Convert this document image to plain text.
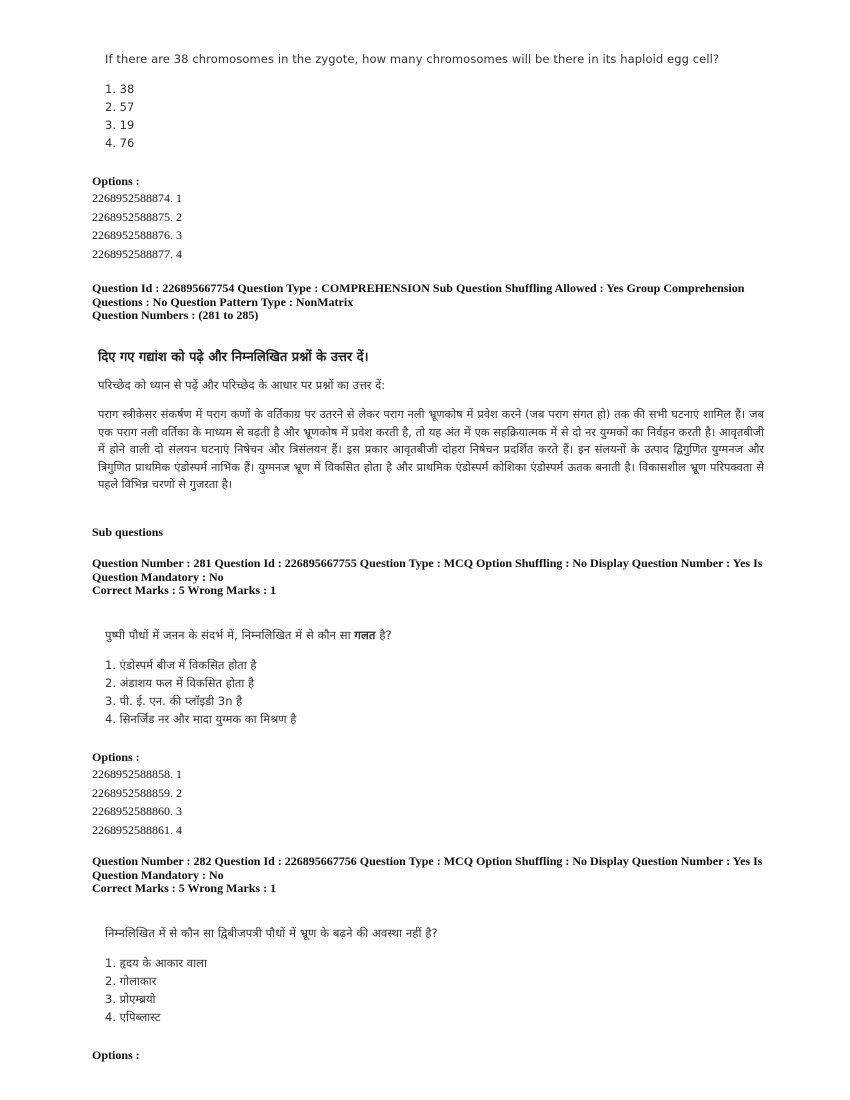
If there are 38 chromosomes in the zygote, how many chromosomes will be there in its haploid egg cell?
1. 38
2. 57
3. 19
4. 76
Options :
2268952588874. 1
2268952588875. 2
2268952588876. 3
2268952588877. 4

Question Id : 226895667754 Question Type : COMPREHENSION Sub Question Shuffling Allowed : Yes Group Comprehension

Questions : No Question Pattern Type : NonMatrix

Question Numbers : (281 to 285)

दिए गए गद्यांश को पढ़े और निम्नलिखित प्रश्नों के उत्तर दें।
परिच्छेद को ध्यान से पढ़ें और परिच्छेद के आधार पर प्रश्नों का उत्तर दें:
पराग स्त्रीकेसर संकर्षण में पराग कणों के वर्तिकाग्र पर उतरने से लेकर पराग नली भ्रूणकोष में प्रवेश करने (जब पराग संगत हो) तक की सभी घटनाएं शामिल हैं। जब एक पराग नली वर्तिका के माध्यम से बढ़ती है और भ्रूणकोष में प्रवेश करती है, तो यह अंत में एक सहक्रियात्मक में से दो नर युग्मकों का निर्वहन करती है। आवृतबीजी में होने वाली दो संलयन घटनाएं निषेचन और त्रिसंलयन हैं। इस प्रकार आवृतबीजी दोहरा निषेचन प्रदर्शित करते हैं। इन संलयनों के उत्पाद द्विगुणित युग्मनज और त्रिगुणित प्राथमिक एंडोस्पर्म नाभिक हैं। युग्मनज भ्रूण में विकसित होता है और प्राथमिक एंडोस्पर्म कोशिका एंडोस्पर्म ऊतक बनाती है। विकासशील भ्रूण परिपक्वता से पहले विभिन्न चरणों से गुजरता है।
Sub questions

Question Number : 281 Question Id : 226895667755 Question Type : MCQ Option Shuffling : No Display Question Number : Yes Is

Question Mandatory : No

Correct Marks : 5 Wrong Marks : 1

पुष्पी पौधों में जनन के संदर्भ में, निम्नलिखित में से कौन सा गलत है?
1. एंडोस्पर्म बीज में विकसित होता है
2. अंडाशय फल में विकसित होता है
3. पी. ई. एन. की प्लॉइडी 3n है
4. सिनर्जिड नर और मादा युग्मक का मिश्रण है
Options :
2268952588858. 1
2268952588859. 2
2268952588860. 3
2268952588861. 4

Question Number : 282 Question Id : 226895667756 Question Type : MCQ Option Shuffling : No Display Question Number : Yes Is

Question Mandatory : No

Correct Marks : 5 Wrong Marks : 1

निम्नलिखित में से कौन सा द्विबीजपत्री पौधों में भ्रूण के बढ़ने की अवस्था नहीं है?
1. हृदय के आकार वाला
2. गोलाकार
3. प्रोएम्ब्रयो
4. एपिब्लास्ट
Options :
